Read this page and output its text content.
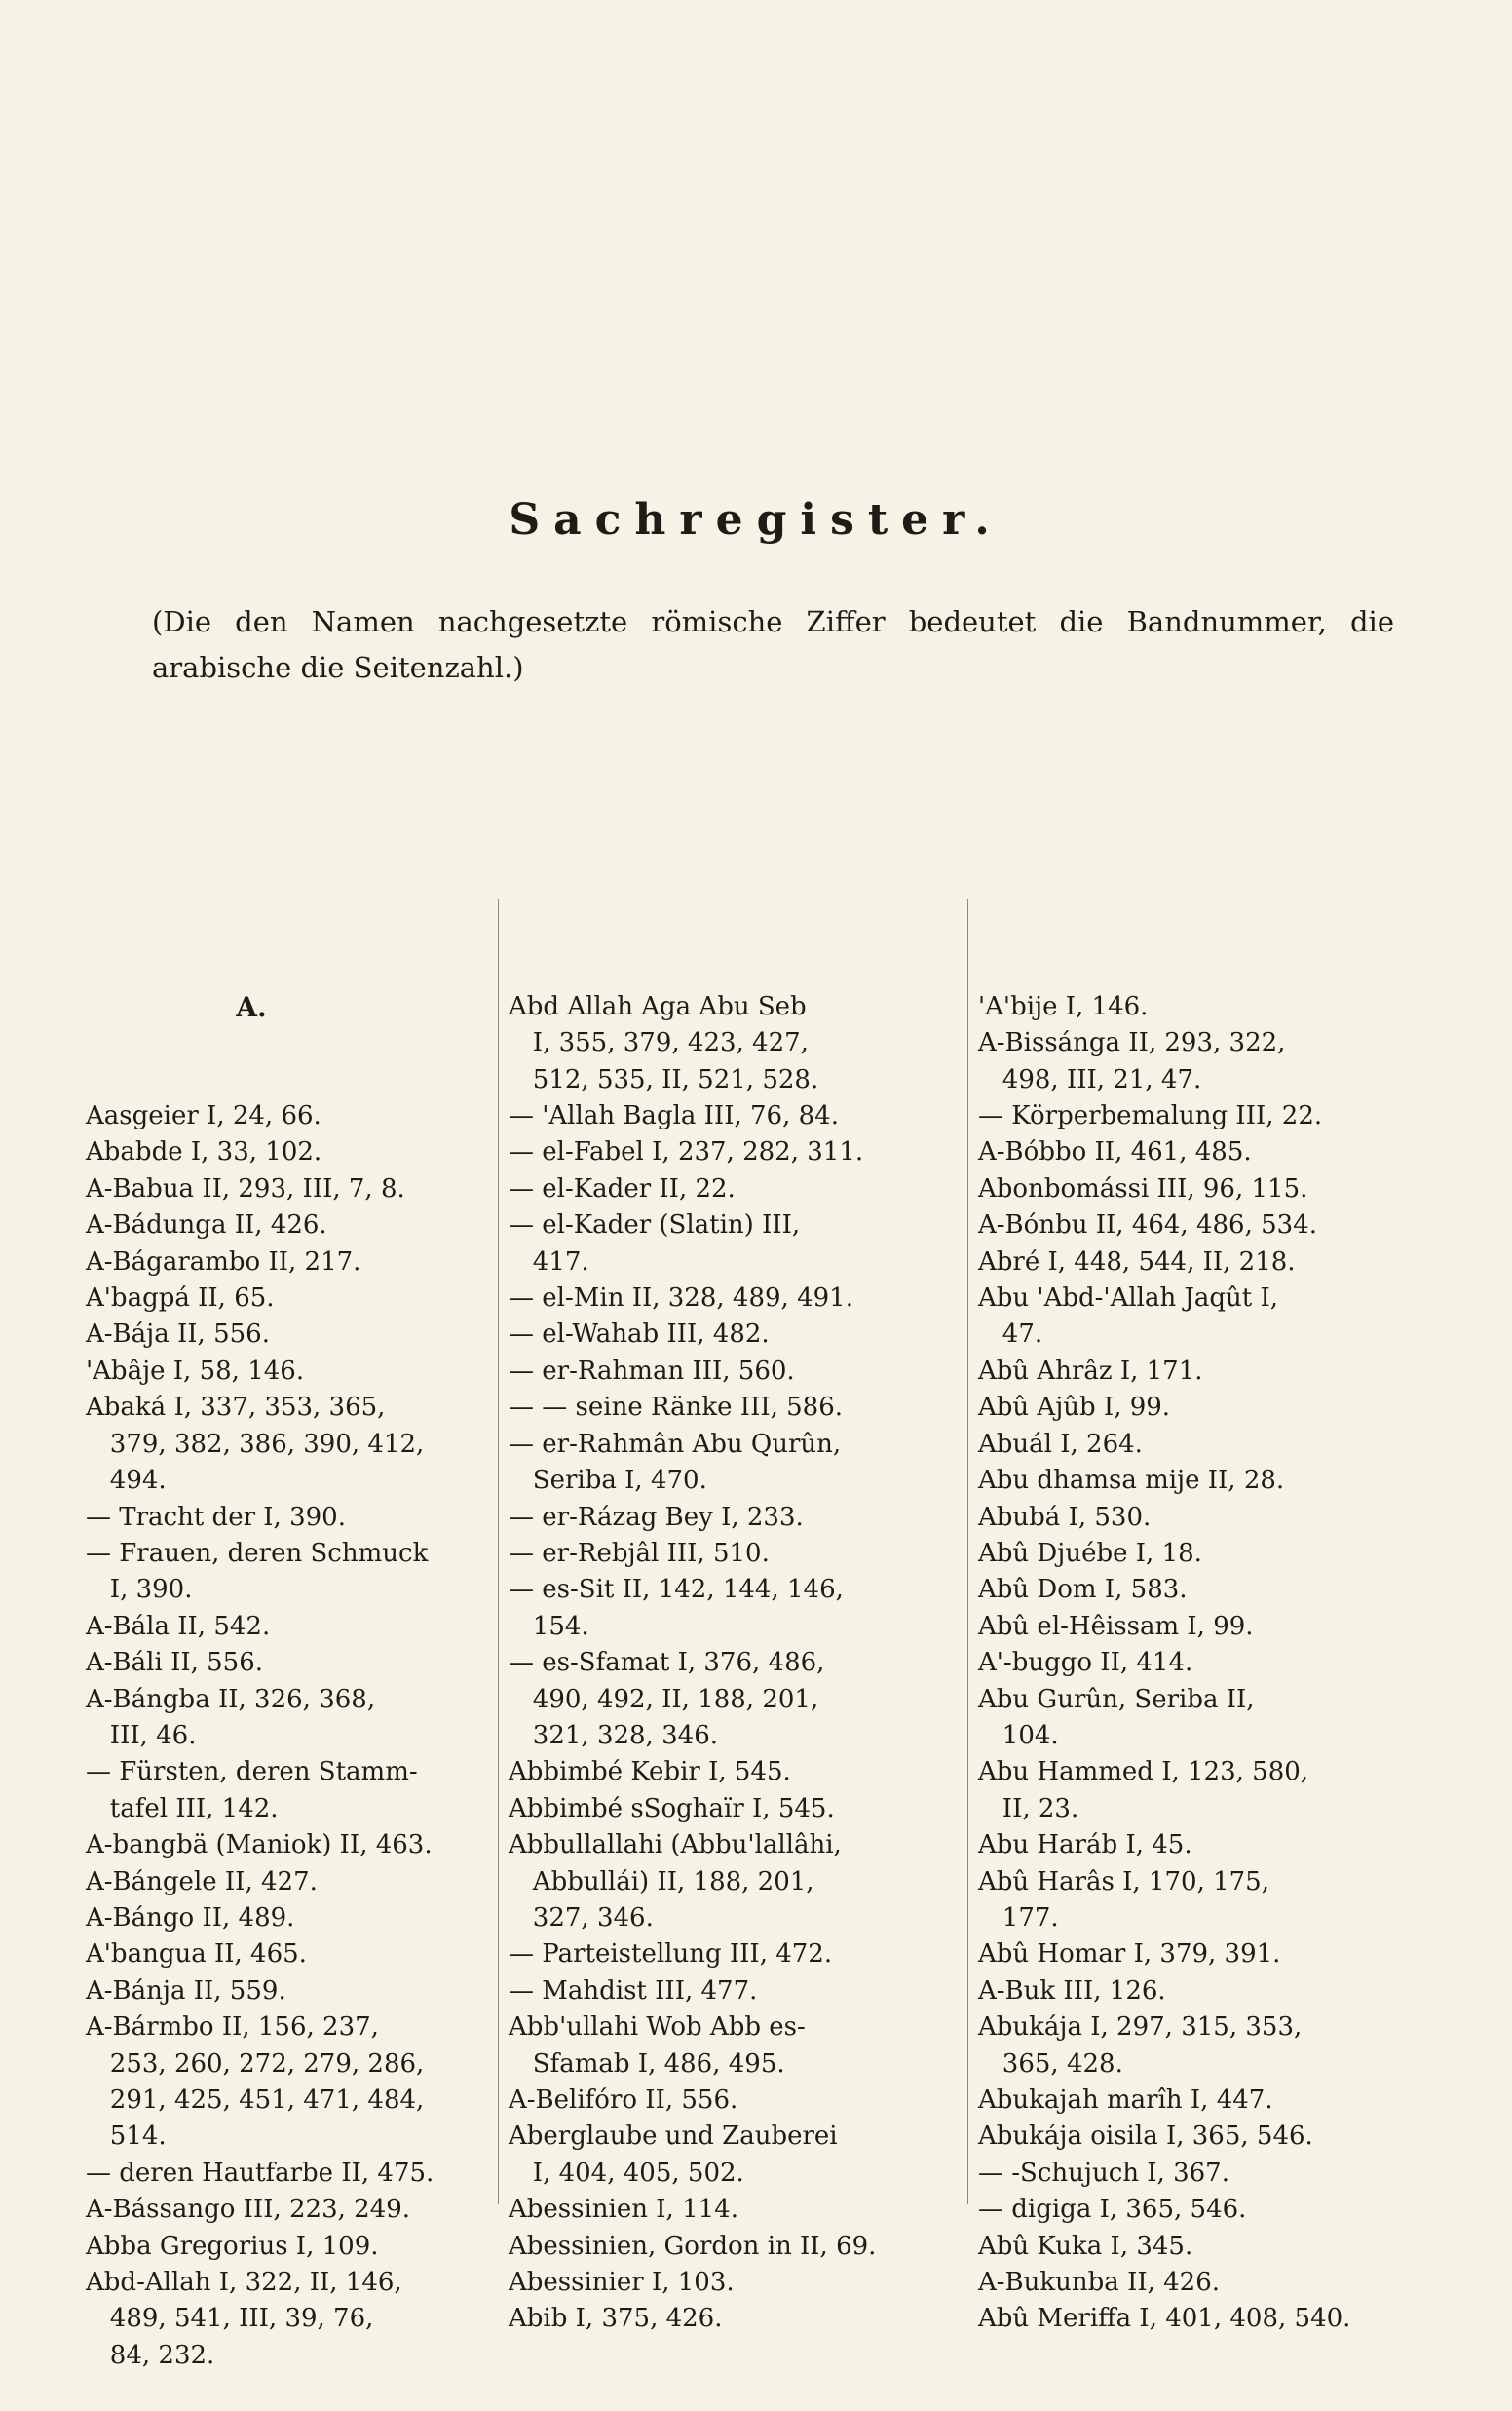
Sachregister.
(Die den Namen nachgesetzte römische Ziffer bedeutet die Bandnummer, die arabische die Seitenzahl.)

A.

Aasgeier I, 24, 66.
Ababde I, 33, 102.
A-Babua II, 293, III, 7, 8.
A-Bádunga II, 426.
A-Bágarambo II, 217.
A'bagpá II, 65.
A-Bája II, 556.
'Abâje I, 58, 146.
Abaká I, 337, 353, 365,
379, 382, 386, 390, 412,
494.
— Tracht der I, 390.
— Frauen, deren Schmuck
I, 390.
A-Bála II, 542.
A-Báli II, 556.
A-Bángba II, 326, 368,
III, 46.
— Fürsten, deren Stamm-
tafel III, 142.
A-bangbä (Maniok) II, 463.
A-Bángele II, 427.
A-Bángo II, 489.
A'bangua II, 465.
A-Bánja II, 559.
A-Bármbo II, 156, 237,
253, 260, 272, 279, 286,
291, 425, 451, 471, 484,
514.
— deren Hautfarbe II, 475.
A-Bássango III, 223, 249.
Abba Gregorius I, 109.
Abd-Allah I, 322, II, 146,
489, 541, III, 39, 76,
84, 232.

Abd Allah Aga Abu Seb
I, 355, 379, 423, 427,
512, 535, II, 521, 528.
— 'Allah Bagla III, 76, 84.
— el-Fabel I, 237, 282, 311.
— el-Kader II, 22.
— el-Kader (Slatin) III,
417.
— el-Min II, 328, 489, 491.
— el-Wahab III, 482.
— er-Rahman III, 560.
— — seine Ränke III, 586.
— er-Rahmân Abu Qurûn,
Seriba I, 470.
— er-Rázag Bey I, 233.
— er-Rebjâl III, 510.
— es-Sit II, 142, 144, 146,
154.
— es-Sfamat I, 376, 486,
490, 492, II, 188, 201,
321, 328, 346.
Abbimbé Kebir I, 545.
Abbimbé sSoghaïr I, 545.
Abbullallahi (Abbu'lallâhi,
Abbullái) II, 188, 201,
327, 346.
— Parteistellung III, 472.
— Mahdist III, 477.
Abb'ullahi Wob Abb es-
Sfamab I, 486, 495.
A-Belifóro II, 556.
Aberglaube und Zauberei
I, 404, 405, 502.
Abessinien I, 114.
Abessinien, Gordon in II, 69.
Abessinier I, 103.
Abib I, 375, 426.

'A'bije I, 146.
A-Bissánga II, 293, 322,
498, III, 21, 47.
— Körperbemalung III, 22.
A-Bóbbo II, 461, 485.
Abonbomássi III, 96, 115.
A-Bónbu II, 464, 486, 534.
Abré I, 448, 544, II, 218.
Abu 'Abd-'Allah Jaqût I,
47.
Abû Ahrâz I, 171.
Abû Ajûb I, 99.
Abuál I, 264.
Abu dhamsa mije II, 28.
Abubá I, 530.
Abû Djuébe I, 18.
Abû Dom I, 583.
Abû el-Hêissam I, 99.
A'-buggo II, 414.
Abu Gurûn, Seriba II,
104.
Abu Hammed I, 123, 580,
II, 23.
Abu Haráb I, 45.
Abû Harâs I, 170, 175,
177.
Abû Homar I, 379, 391.
A-Buk III, 126.
Abukája I, 297, 315, 353,
365, 428.
Abukajah marîh I, 447.
Abukája oisila I, 365, 546.
— -Schujuch I, 367.
— digiga I, 365, 546.
Abû Kuka I, 345.
A-Bukunba II, 426.
Abû Meriffa I, 401, 408, 540.
